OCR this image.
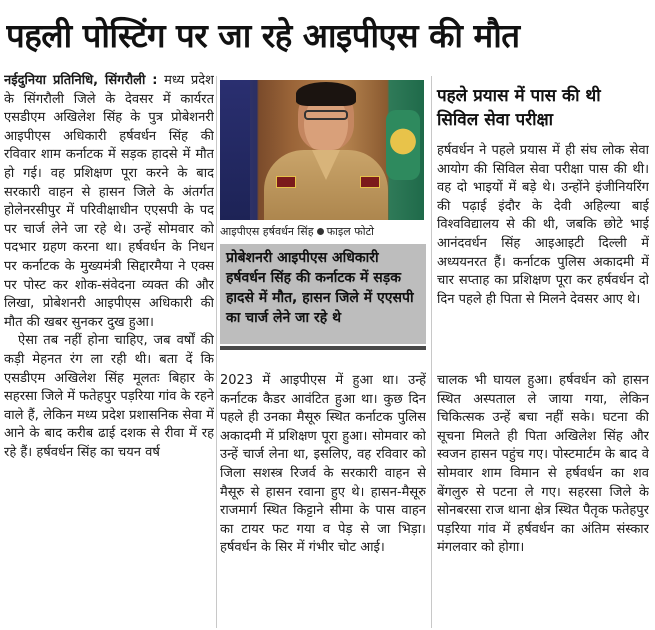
पहली पोस्टिंग पर जा रहे आइपीएस की मौत

नईदुनिया प्रतिनिधि, सिंगरौली : मध्य प्रदेश के सिंगरौली जिले के देवसर में कार्यरत एसडीएम अखिलेश सिंह के पुत्र प्रोबेशनरी आइपीएस अधिकारी हर्षवर्धन सिंह की रविवार शाम कर्नाटक में सड़क हादसे में मौत हो गई। वह प्रशिक्षण पूरा करने के बाद सरकारी वाहन से हासन जिले के अंतर्गत होलेनरसीपुर में परिवीक्षाधीन एएसपी के पद पर चार्ज लेने जा रहे थे। उन्हें सोमवार को पदभार ग्रहण करना था। हर्षवर्धन के निधन पर कर्नाटक के मुख्यमंत्री सिद्दारमैया ने एक्स पर पोस्ट कर शोक-संवेदना व्यक्त की और लिखा, प्रोबेशनरी आइपीएस अधिकारी की मौत की खबर सुनकर दुख हुआ।

ऐसा तब नहीं होना चाहिए, जब वर्षों की कड़ी मेहनत रंग ला रही थी। बता दें कि एसडीएम अखिलेश सिंह मूलतः बिहार के सहरसा जिले में फतेहपुर पड़रिया गांव के रहने वाले हैं, लेकिन मध्य प्रदेश प्रशासनिक सेवा में आने के बाद करीब ढाई दशक से रीवा में रह रहे हैं। हर्षवर्धन सिंह का चयन वर्ष

आइपीएस हर्षवर्धन सिंह फाइल फोटो
प्रोबेशनरी आइपीएस अधिकारी हर्षवर्धन सिंह की कर्नाटक में सड़क हादसे में मौत, हासन जिले में एएसपी का चार्ज लेने जा रहे थे
पहले प्रयास में पास की थी
सिविल सेवा परीक्षा

हर्षवर्धन ने पहले प्रयास में ही संघ लोक सेवा आयोग की सिविल सेवा परीक्षा पास की थी। वह दो भाइयों में बड़े थे। उन्होंने इंजीनियरिंग की पढ़ाई इंदौर के देवी अहिल्या बाई विश्वविद्यालय से की थी, जबकि छोटे भाई आनंदवर्धन सिंह आइआइटी दिल्ली में अध्ययनरत हैं। कर्नाटक पुलिस अकादमी में चार सप्ताह का प्रशिक्षण पूरा कर हर्षवर्धन दो दिन पहले ही पिता से मिलने देवसर आए थे।

2023 में आइपीएस में हुआ था। उन्हें कर्नाटक कैडर आवंटित हुआ था। कुछ दिन पहले ही उनका मैसूरु स्थित कर्नाटक पुलिस अकादमी में प्रशिक्षण पूरा हुआ। सोमवार को उन्हें चार्ज लेना था, इसलिए, वह रविवार को जिला सशस्त्र रिजर्व के सरकारी वाहन से मैसूरु से हासन रवाना हुए थे। हासन-मैसूरु राजमार्ग स्थित किट्टाने सीमा के पास वाहन का टायर फट गया व पेड़ से जा भिड़ा। हर्षवर्धन के सिर में गंभीर चोट आई।

चालक भी घायल हुआ। हर्षवर्धन को हासन स्थित अस्पताल ले जाया गया, लेकिन चिकित्सक उन्हें बचा नहीं सके। घटना की सूचना मिलते ही पिता अखिलेश सिंह और स्वजन हासन पहुंच गए। पोस्टमार्टम के बाद वे सोमवार शाम विमान से हर्षवर्धन का शव बेंगलुरु से पटना ले गए। सहरसा जिले के सोनबरसा राज थाना क्षेत्र स्थित पैतृक फतेहपुर पड़रिया गांव में हर्षवर्धन का अंतिम संस्कार मंगलवार को होगा।
